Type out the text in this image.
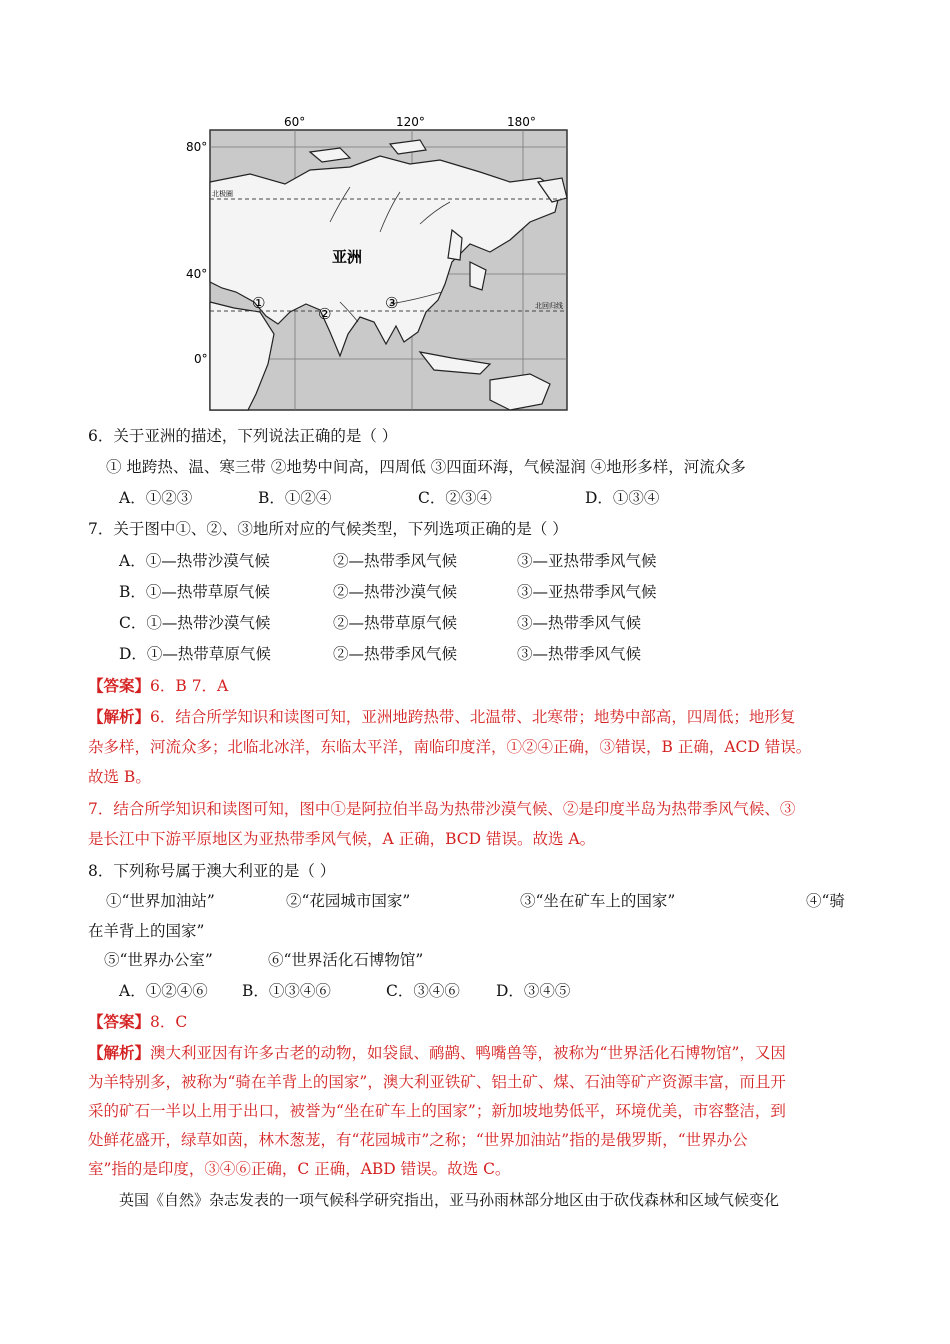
60°	120°	180°
80°
40°
0°
北极圈
北回归线
亚洲
①
②
③
6．关于亚洲的描述，下列说法正确的是（ ）
① 地跨热、温、寒三带 ②地势中间高，四周低 ③四面环海，气候湿润 ④地形多样，河流众多
A．①②③	B．①②④	C．②③④	D．①③④
7．关于图中①、②、③地所对应的气候类型，下列选项正确的是（ ）
A．①—热带沙漠气候	②—热带季风气候	③—亚热带季风气候
B．①—热带草原气候	②—热带沙漠气候	③—亚热带季风气候
C．①—热带沙漠气候	②—热带草原气候	③—热带季风气候
D．①—热带草原气候	②—热带季风气候	③—热带季风气候
【答案】6．B 7．A
【解析】6．结合所学知识和读图可知，亚洲地跨热带、北温带、北寒带；地势中部高，四周低；地形复
杂多样，河流众多；北临北冰洋，东临太平洋，南临印度洋，①②④正确，③错误，B 正确，ACD 错误。
故选 B。
7．结合所学知识和读图可知，图中①是阿拉伯半岛为热带沙漠气候、②是印度半岛为热带季风气候、③
是长江中下游平原地区为亚热带季风气候，A 正确，BCD 错误。故选 A。
8．下列称号属于澳大利亚的是（ ）
①“世界加油站”	②“花园城市国家”	③“坐在矿车上的国家”	④“骑
在羊背上的国家”
⑤“世界办公室”	⑥“世界活化石博物馆”
A．①②④⑥ B．①③④⑥	C．③④⑥ D．③④⑤
【答案】8．C
【解析】澳大利亚因有许多古老的动物，如袋鼠、鸸鹋、鸭嘴兽等，被称为“世界活化石博物馆”，又因
为羊特别多，被称为“骑在羊背上的国家”，澳大利亚铁矿、铝土矿、煤、石油等矿产资源丰富，而且开
采的矿石一半以上用于出口，被誉为“坐在矿车上的国家”；新加坡地势低平，环境优美，市容整洁，到
处鲜花盛开，绿草如茵，林木葱茏，有“花园城市”之称；“世界加油站”指的是俄罗斯，“世界办公
室”指的是印度，③④⑥正确，C 正确，ABD 错误。故选 C。
英国《自然》杂志发表的一项气候科学研究指出，亚马孙雨林部分地区由于砍伐森林和区域气候变化
